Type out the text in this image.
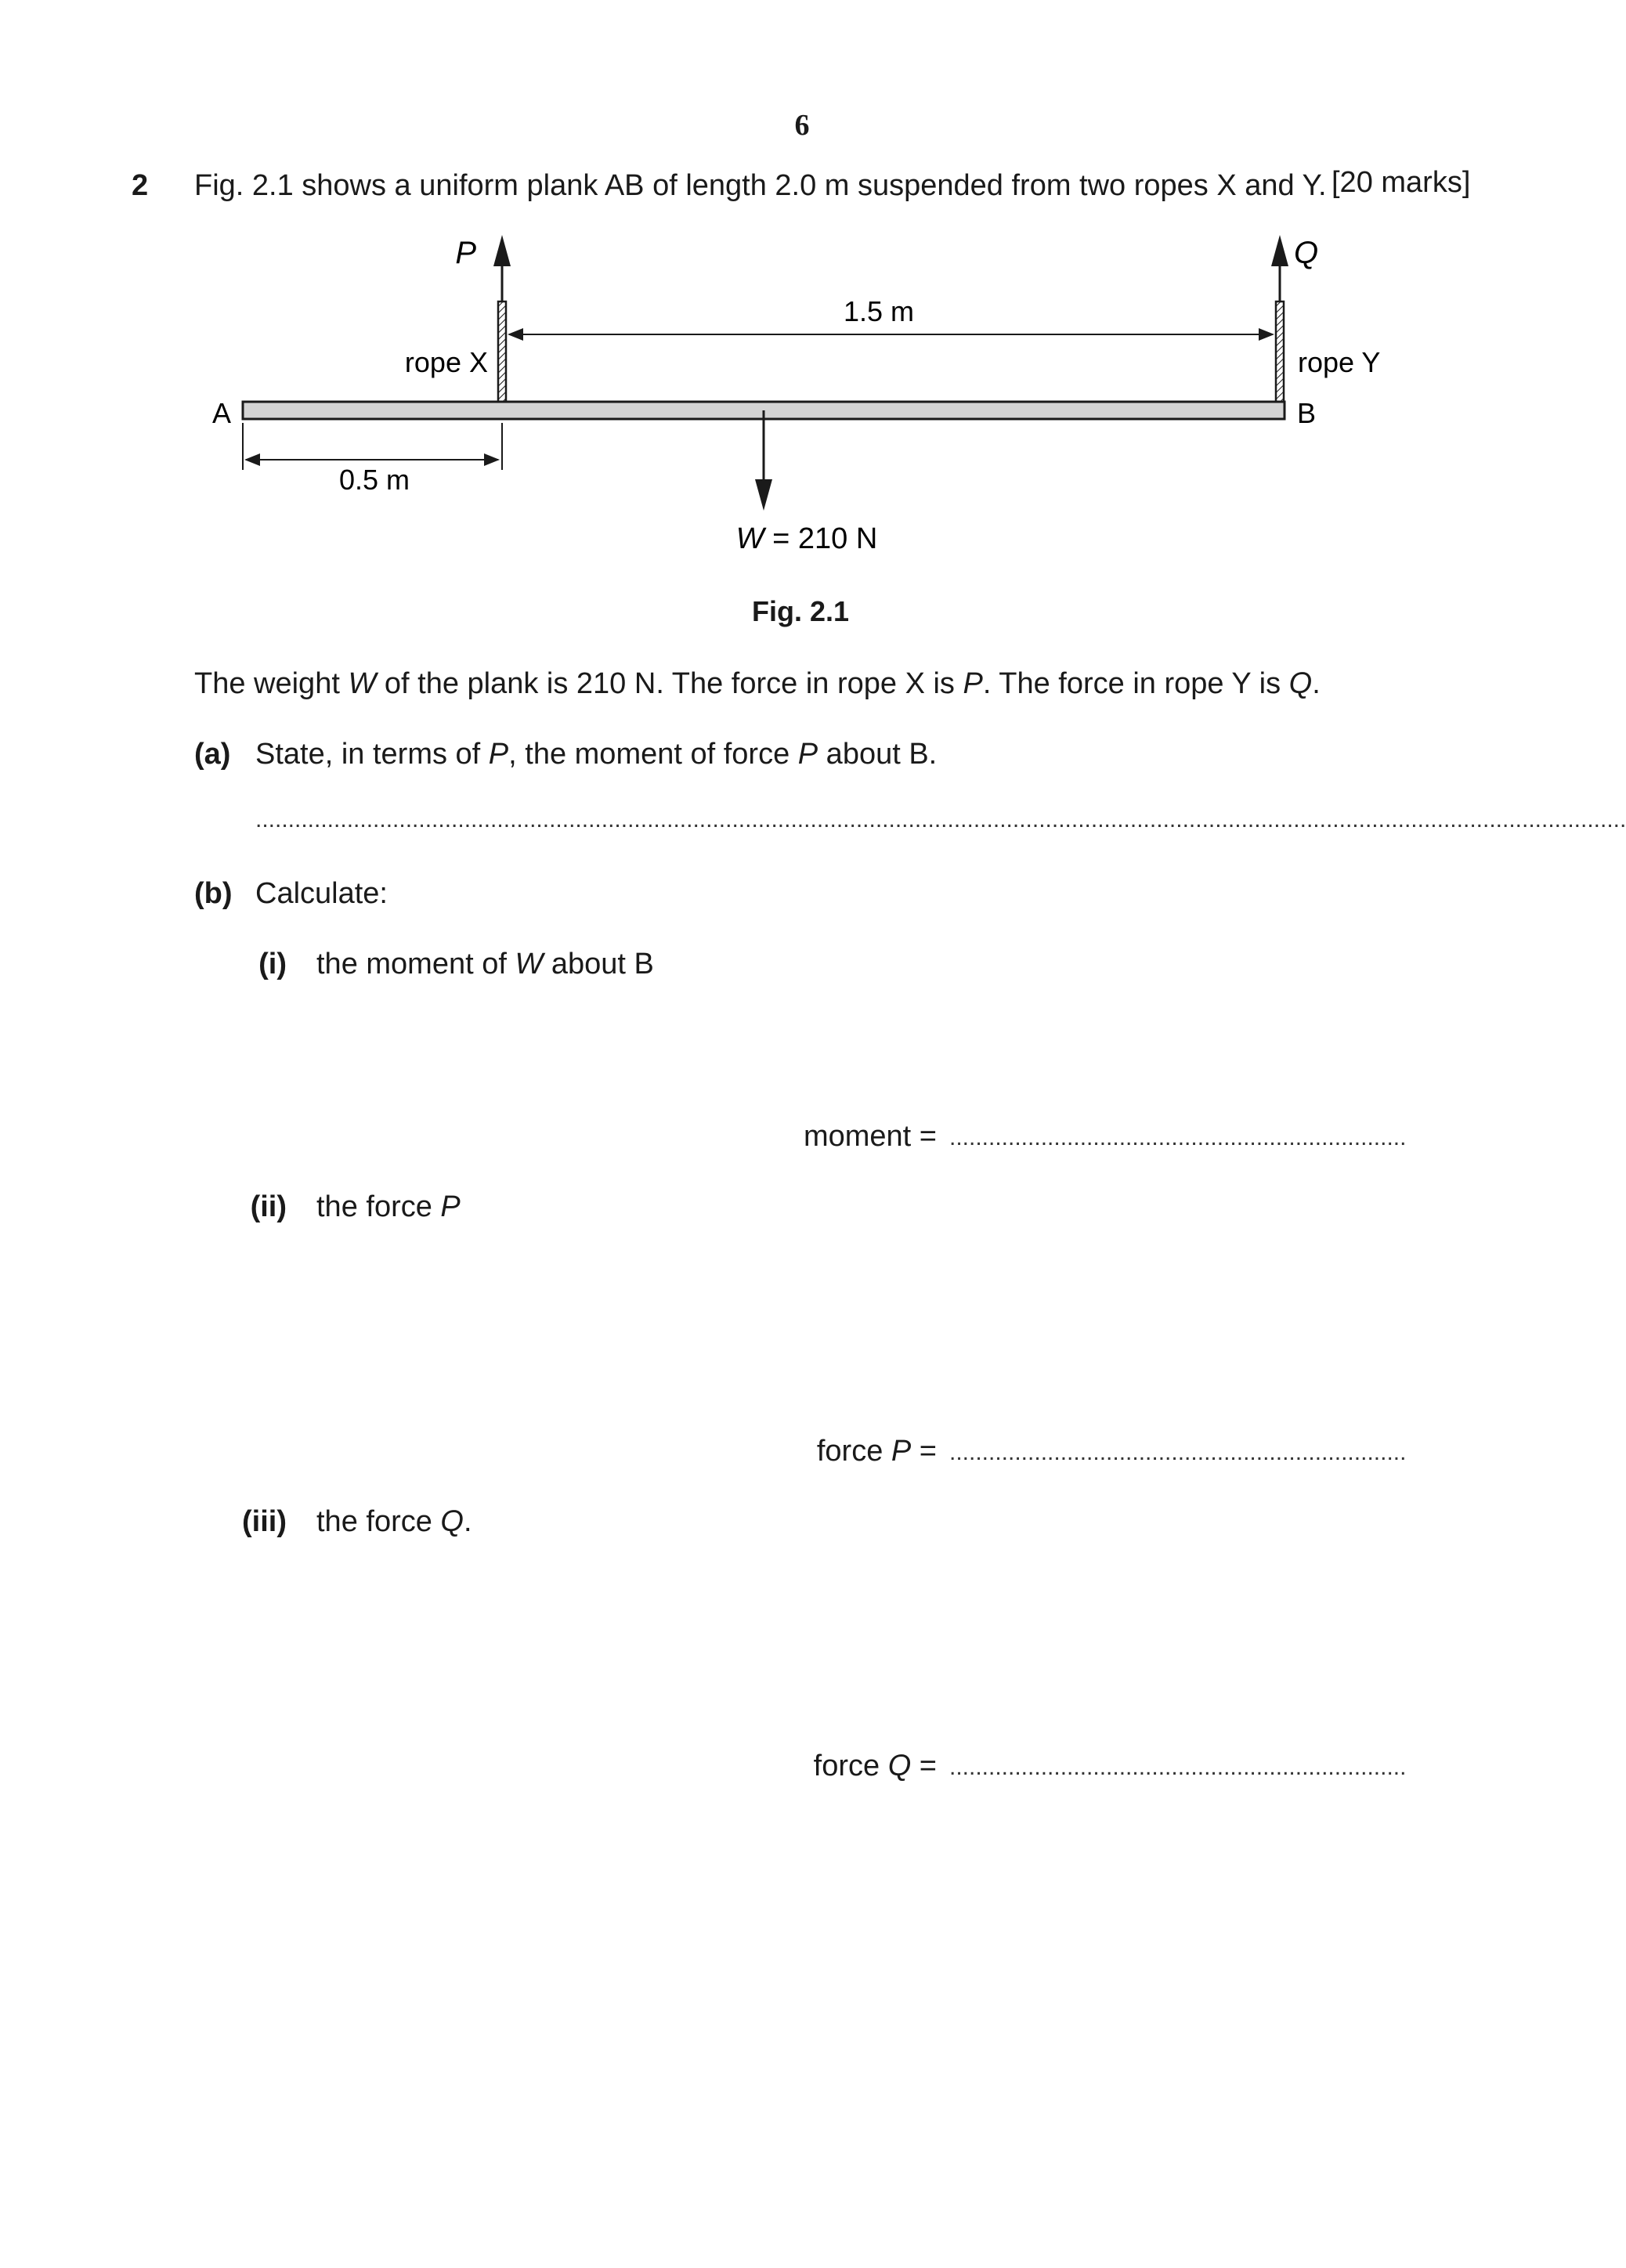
6
2 Fig. 2.1 shows a uniform plank AB of length 2.0 m suspended from two ropes X and Y. [20 marks]
P	Q
1.5 m
rope X	rope Y
A	B
0.5 m
W = 210 N
Fig. 2.1
The weight W of the plank is 210 N. The force in rope X is P. The force in rope Y is Q.
(a) State, in terms of P, the moment of force P about B.
..................................................................................................................................................................................................................
(b) Calculate:
(i) the moment of W about B
moment = ......................................................................
(ii) the force P
force P = ......................................................................
(iii) the force Q.
force Q = ......................................................................
